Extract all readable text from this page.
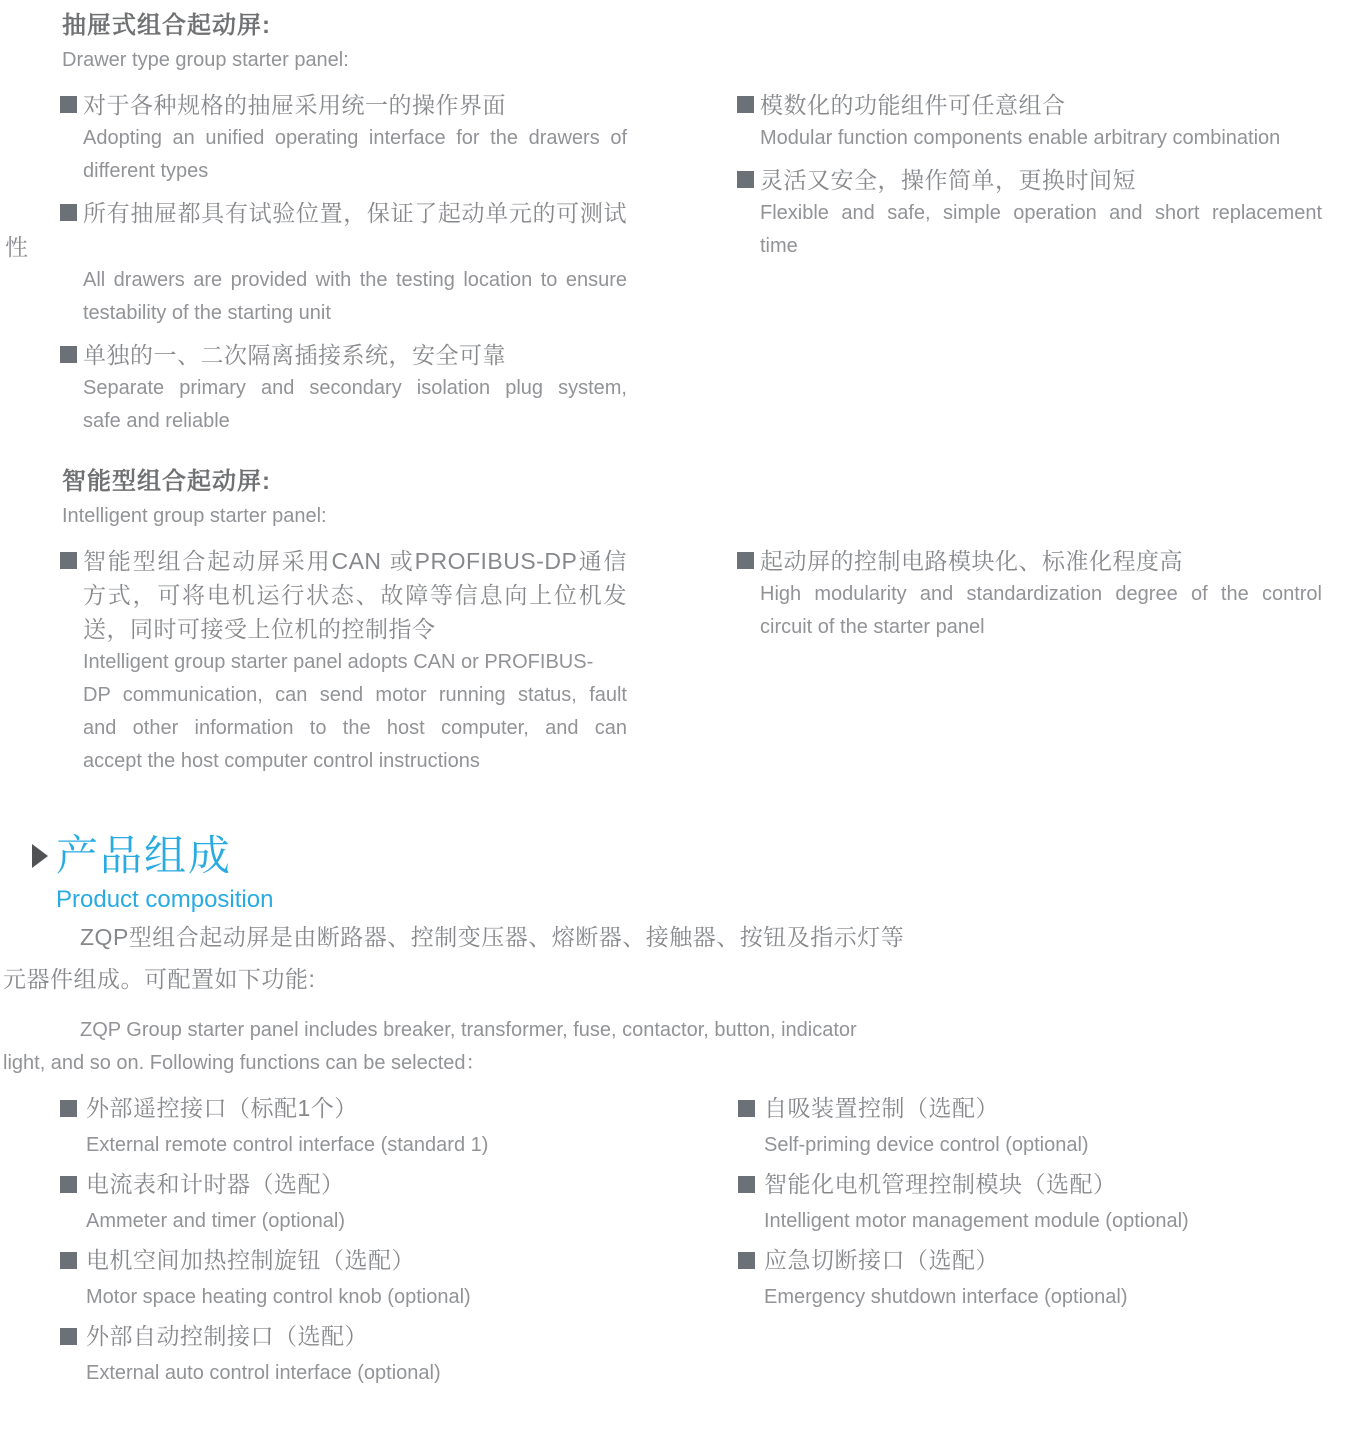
抽屉式组合起动屏:
Drawer type group starter panel:
对于各种规格的抽屉采用统一的操作界面
Adopting an unified operating interface for the drawers of
different types
所有抽屉都具有试验位置，保证了起动单元的可测试
性
All drawers are provided with the testing location to ensure
testability of the starting unit
单独的一、二次隔离插接系统，安全可靠
Separate primary and secondary isolation plug system,
safe and reliable
模数化的功能组件可任意组合
Modular function components enable arbitrary combination
灵活又安全，操作简单，更换时间短
Flexible and safe, simple operation and short replacement
time
智能型组合起动屏:
Intelligent group starter panel:
智能型组合起动屏采用CAN 或PROFIBUS-DP通信
方式，可将电机运行状态、故障等信息向上位机发
送，同时可接受上位机的控制指令
Intelligent group starter panel adopts CAN or PROFIBUS-
DP communication, can send motor running status, fault
and other information to the host computer, and can
accept the host computer control instructions
起动屏的控制电路模块化、标准化程度高
High modularity and standardization degree of the control
circuit of the starter panel
产品组成
Product composition
ZQP型组合起动屏是由断路器、控制变压器、熔断器、接触器、按钮及指示灯等
元器件组成。可配置如下功能:
ZQP Group starter panel includes breaker, transformer, fuse, contactor, button, indicator
light, and so on. Following functions can be selected：
外部遥控接口（标配1个）
External remote control interface (standard 1)
电流表和计时器（选配）
Ammeter and timer (optional)
电机空间加热控制旋钮（选配）
Motor space heating control knob (optional)
外部自动控制接口（选配）
External auto control interface (optional)
自吸装置控制（选配）
Self-priming device control (optional)
智能化电机管理控制模块（选配）
Intelligent motor management module (optional)
应急切断接口（选配）
Emergency shutdown interface (optional)
